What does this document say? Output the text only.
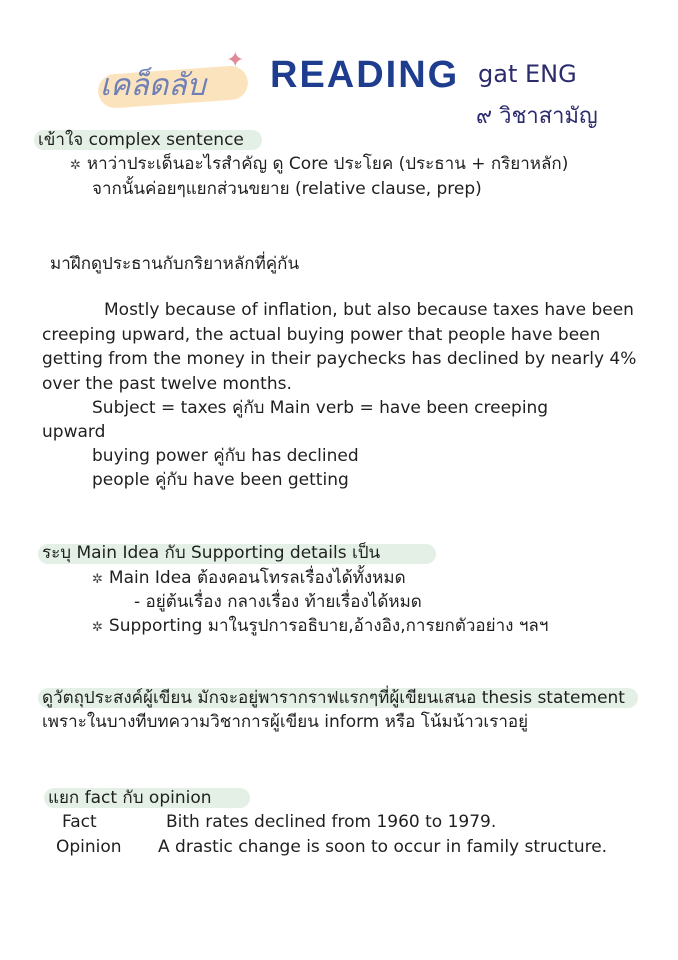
เคล็ดลับ
✦ READING gat ENG
๙ วิชาสามัญ
เข้าใจ complex sentence
✲ หาว่าประเด็นอะไรสำคัญ ดู Core ประโยค (ประธาน + กริยาหลัก)
จากนั้นค่อยๆแยกส่วนขยาย (relative clause, prep)
มาฝึกดูประธานกับกริยาหลักที่คู่กัน
Mostly because of inflation, but also because taxes have been creeping upward, the actual buying power that people have been getting from the money in their paychecks has declined by nearly 4% over the past twelve months.
Subject = taxes คู่กับ Main verb = have been creeping
upward
buying power คู่กับ has declined
people คู่กับ have been getting
ระบุ Main Idea กับ Supporting details เป็น
✲ Main Idea ต้องคอนโทรลเรื่องได้ทั้งหมด
- อยู่ต้นเรื่อง กลางเรื่อง ท้ายเรื่องได้หมด
✲ Supporting มาในรูปการอธิบาย,อ้างอิง,การยกตัวอย่าง ฯลฯ
ดูวัตถุประสงค์ผู้เขียน มักจะอยู่พารากราฟแรกๆที่ผู้เขียนเสนอ thesis statement เพราะในบางทีบทความวิชาการผู้เขียน inform หรือ โน้มน้าวเราอยู่
แยก fact กับ opinion
Fact	Bith rates declined from 1960 to 1979.
Opinion A drastic change is soon to occur in family structure.
